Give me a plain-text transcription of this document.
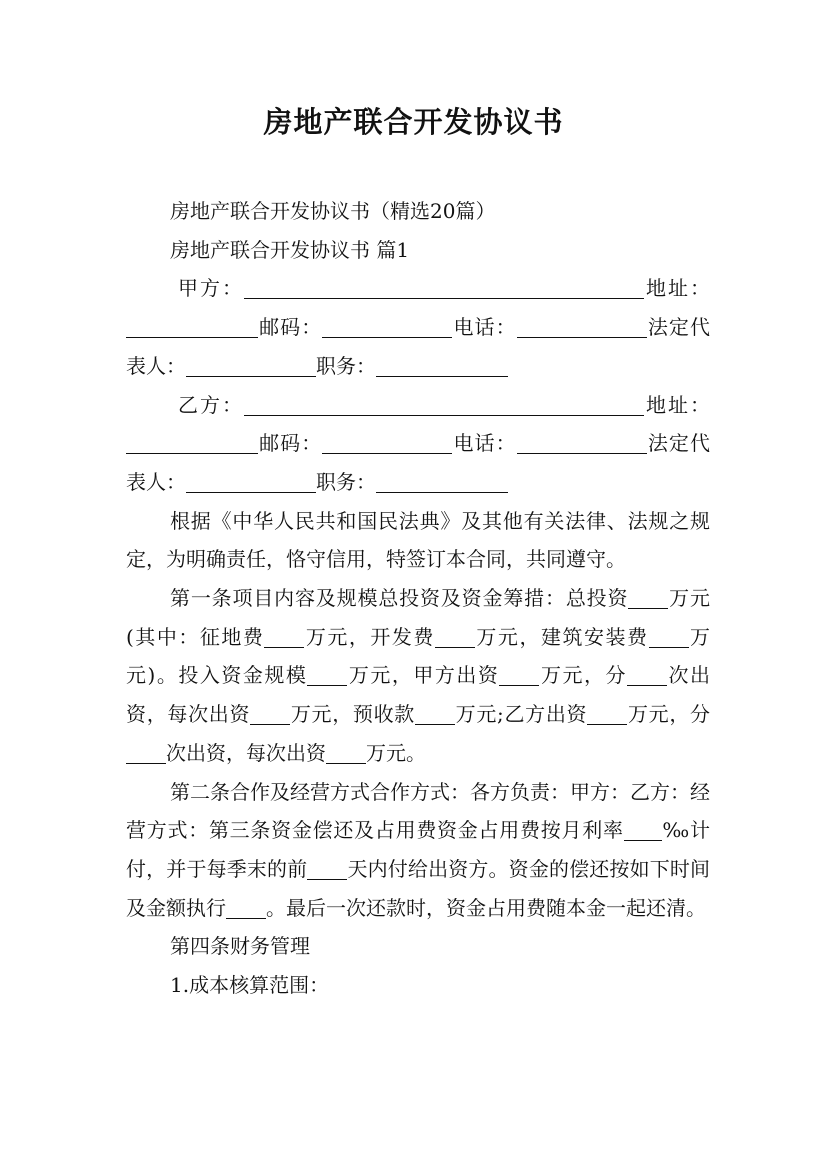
房地产联合开发协议书

房地产联合开发协议书（精选20篇）

房地产联合开发协议书 篇1

甲方：	地址：邮码：	电话：	法定代表人：	职务：

乙方：	地址：邮码：	电话：	法定代表人：	职务：

根据《中华人民共和国民法典》及其他有关法律、法规之规定，为明确责任，恪守信用，特签订本合同，共同遵守。

第一条项目内容及规模总投资及资金筹措：总投资 万元(其中：征地费 万元，开发费 万元，建筑安装费 万元)。投入资金规模 万元，甲方出资 万元，分 次出资，每次出资 万元，预收款 万元;乙方出资 万元，分次出资，每次出资 万元。

第二条合作及经营方式合作方式：各方负责：甲方：乙方：经营方式：第三条资金偿还及占用费资金占用费按月利率 ‰计付，并于每季末的前 天内付给出资方。资金的偿还按如下时间及金额执行 。最后一次还款时，资金占用费随本金一起还清。

第四条财务管理

1.成本核算范围：
